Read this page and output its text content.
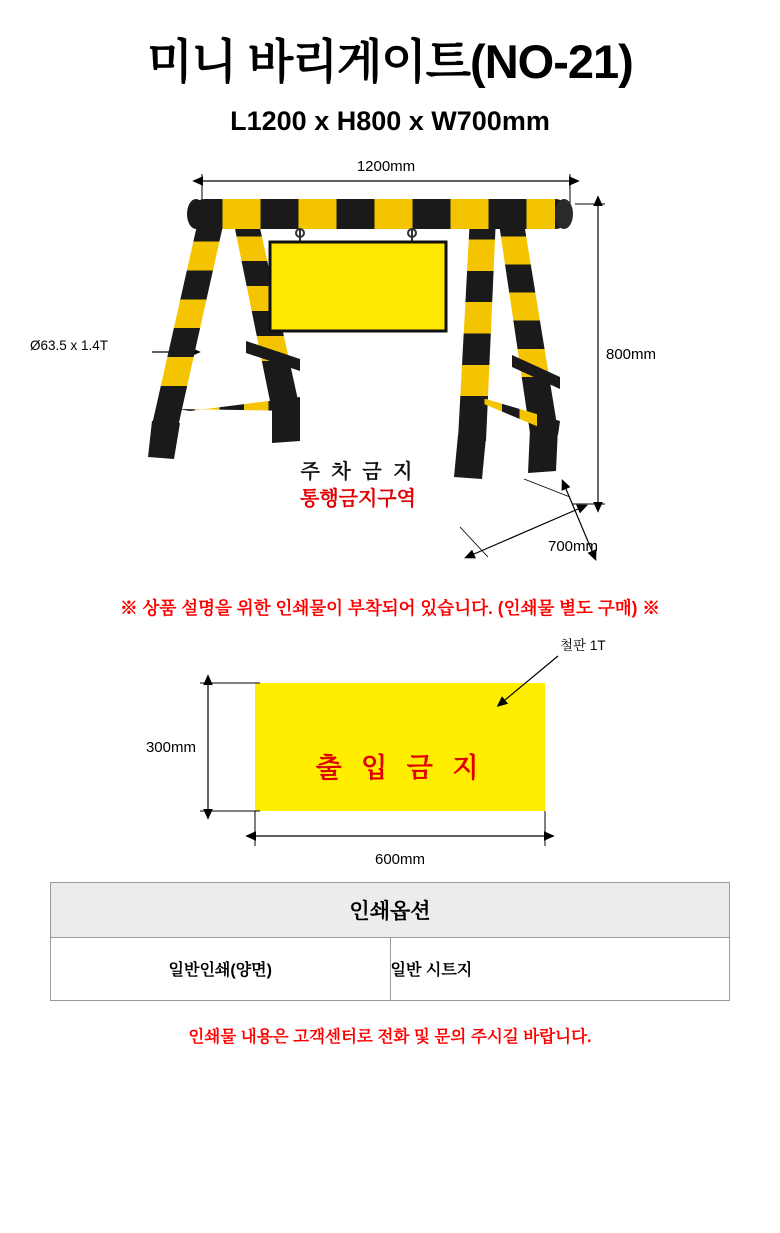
미니 바리게이트(NO-21)
L1200 x H800 x W700mm
1200mm
800mm
700mm
Ø63.5 x 1.4T
주 차 금 지
통행금지구역
※ 상품 설명을 위한 인쇄물이 부착되어 있습니다. (인쇄물 별도 구매) ※
300mm
600mm
철판 1T
출 입 금 지
인쇄옵션
일반인쇄(양면)	일반 시트지
인쇄물 내용은 고객센터로 전화 및 문의 주시길 바랍니다.
